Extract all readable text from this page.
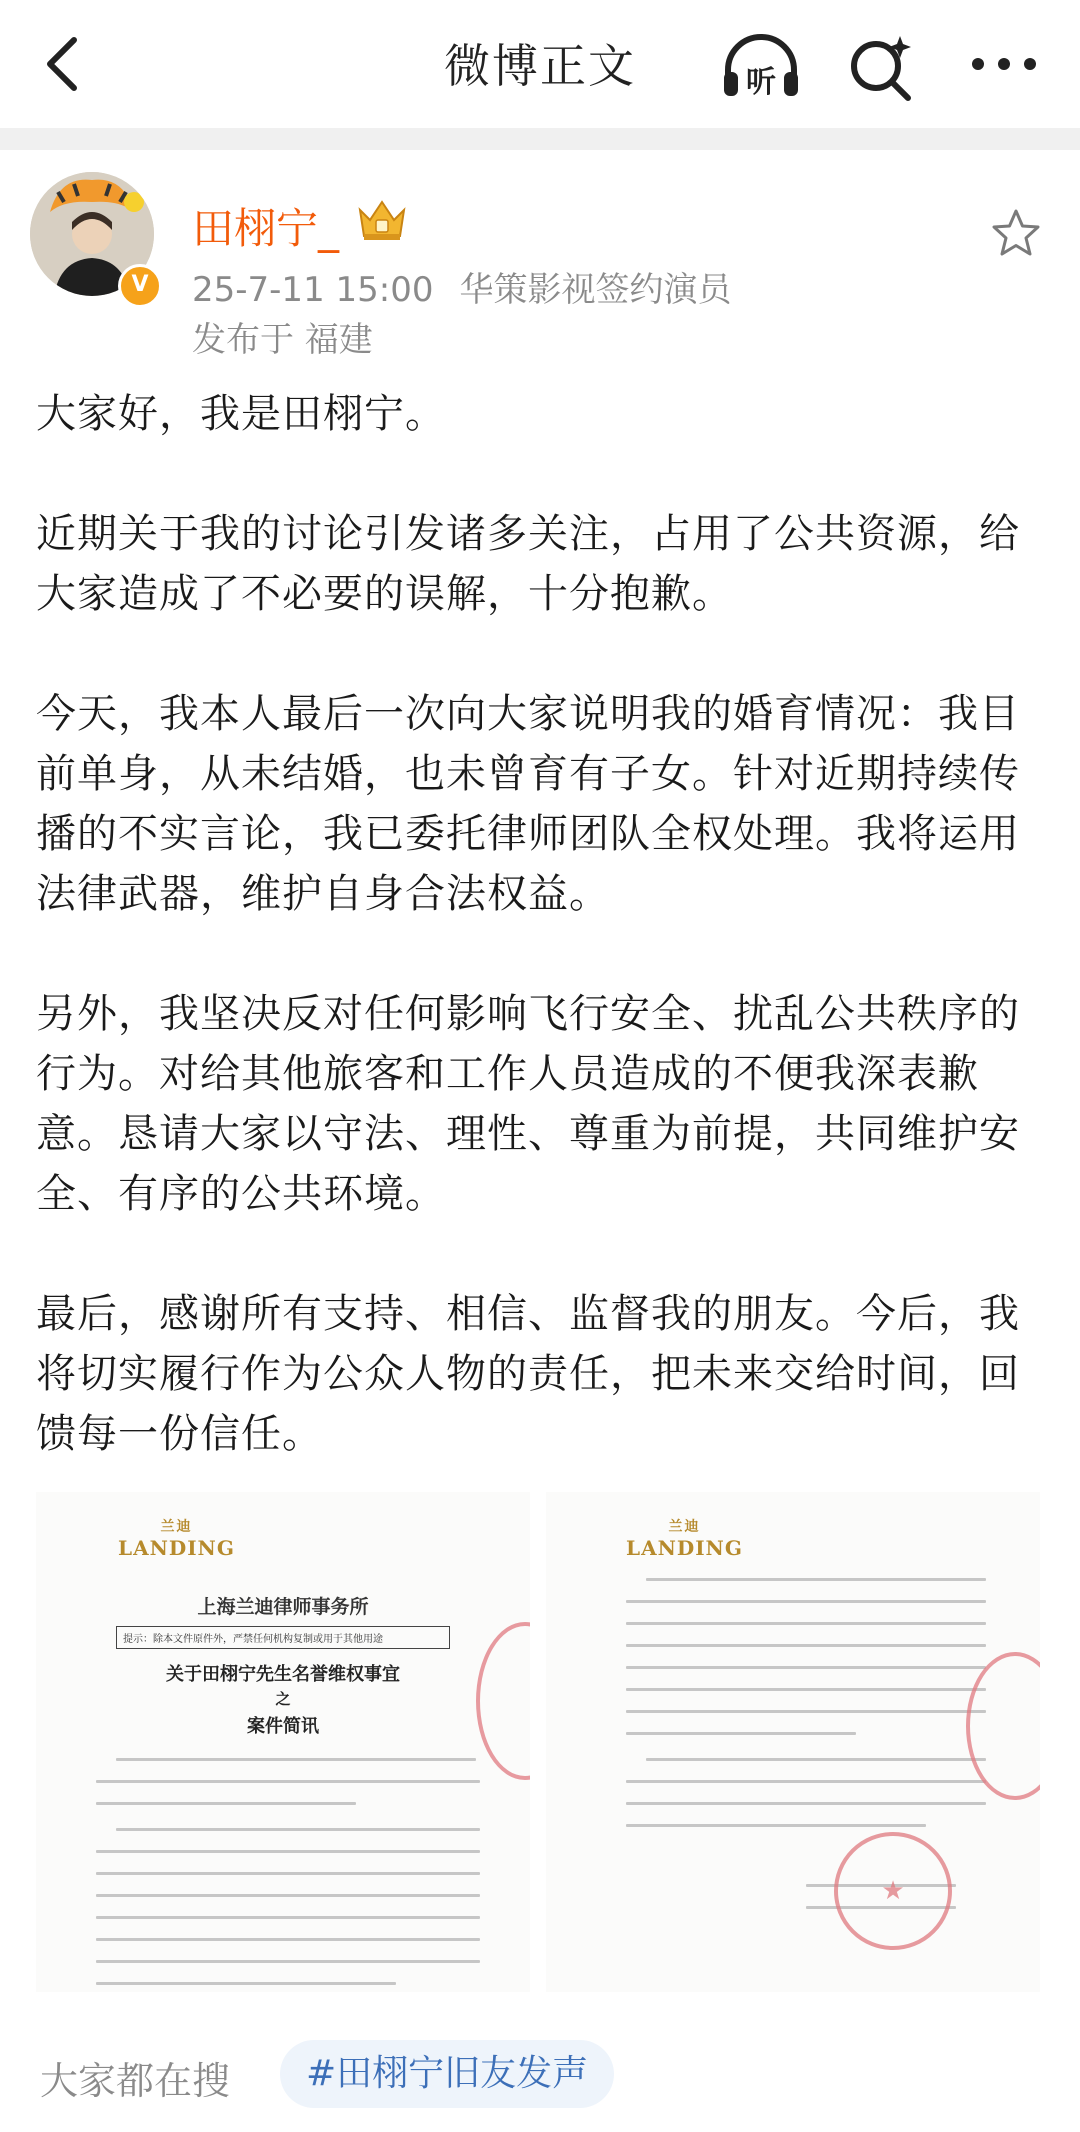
微博正文	听
V
田栩宁_
25-7-11 15:00 华策影视签约演员
发布于 福建

大家好，我是田栩宁。

近期关于我的讨论引发诸多关注，占用了公共资源，给大家造成了不必要的误解，十分抱歉。

今天，我本人最后一次向大家说明我的婚育情况：我目前单身，从未结婚，也未曾育有子女。针对近期持续传播的不实言论，我已委托律师团队全权处理。我将运用法律武器，维护自身合法权益。

另外，我坚决反对任何影响飞行安全、扰乱公共秩序的行为。对给其他旅客和工作人员造成的不便我深表歉意。恳请大家以守法、理性、尊重为前提，共同维护安全、有序的公共环境。

最后，感谢所有支持、相信、监督我的朋友。今后，我将切实履行作为公众人物的责任，把未来交给时间，回馈每一份信任。

兰迪
LANDING
上海兰迪律师事务所
提示：除本文件原件外，严禁任何机构复制或用于其他用途
关于田栩宁先生名誉维权事宜
之
案件简讯
兰迪
LANDING
★
大家都在搜	#田栩宁旧友发声
